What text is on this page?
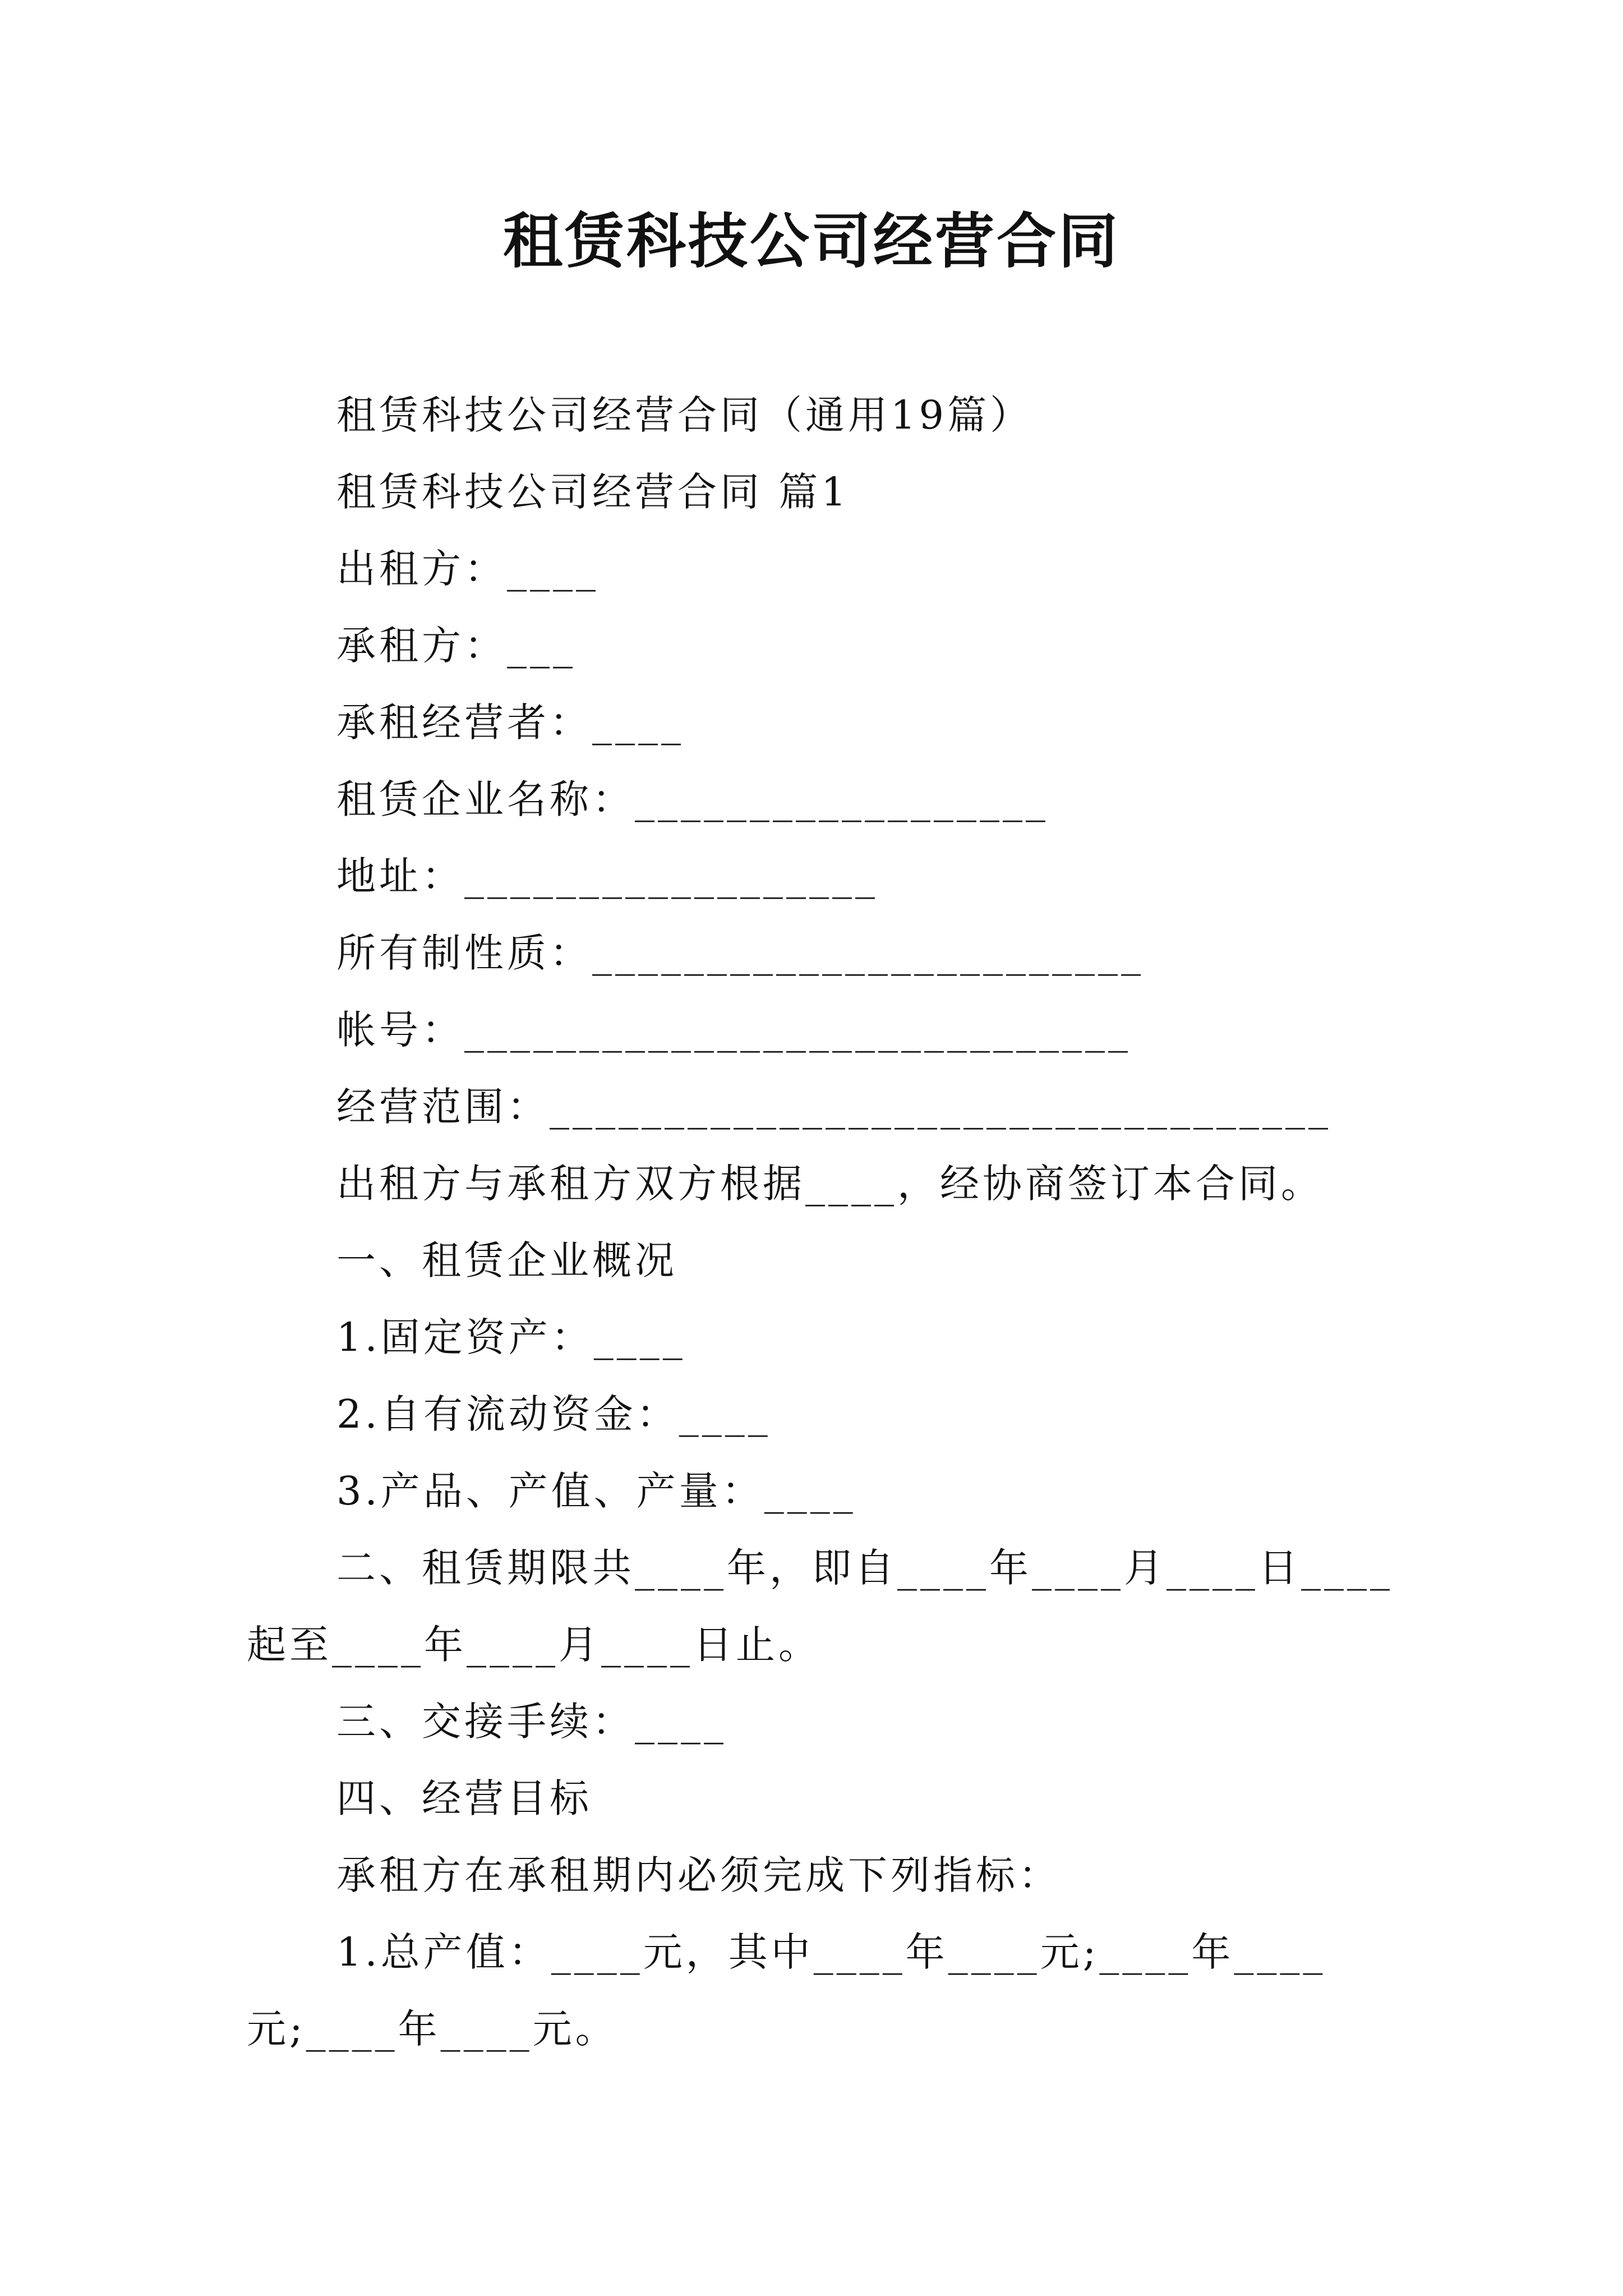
租赁科技公司经营合同
租赁科技公司经营合同（通用19篇）
租赁科技公司经营合同 篇1
出租方：____
承租方：___
承租经营者：____
租赁企业名称：__________________
地址：__________________
所有制性质：________________________
帐号：_____________________________
经营范围：__________________________________
出租方与承租方双方根据____，经协商签订本合同。
一、租赁企业概况
1.固定资产：____
2.自有流动资金：____
3.产品、产值、产量：____
二、租赁期限共____年，即自____年____月____日____
起至____年____月____日止。
三、交接手续：____
四、经营目标
承租方在承租期内必须完成下列指标：
1.总产值：____元，其中____年____元;____年____
元;____年____元。
